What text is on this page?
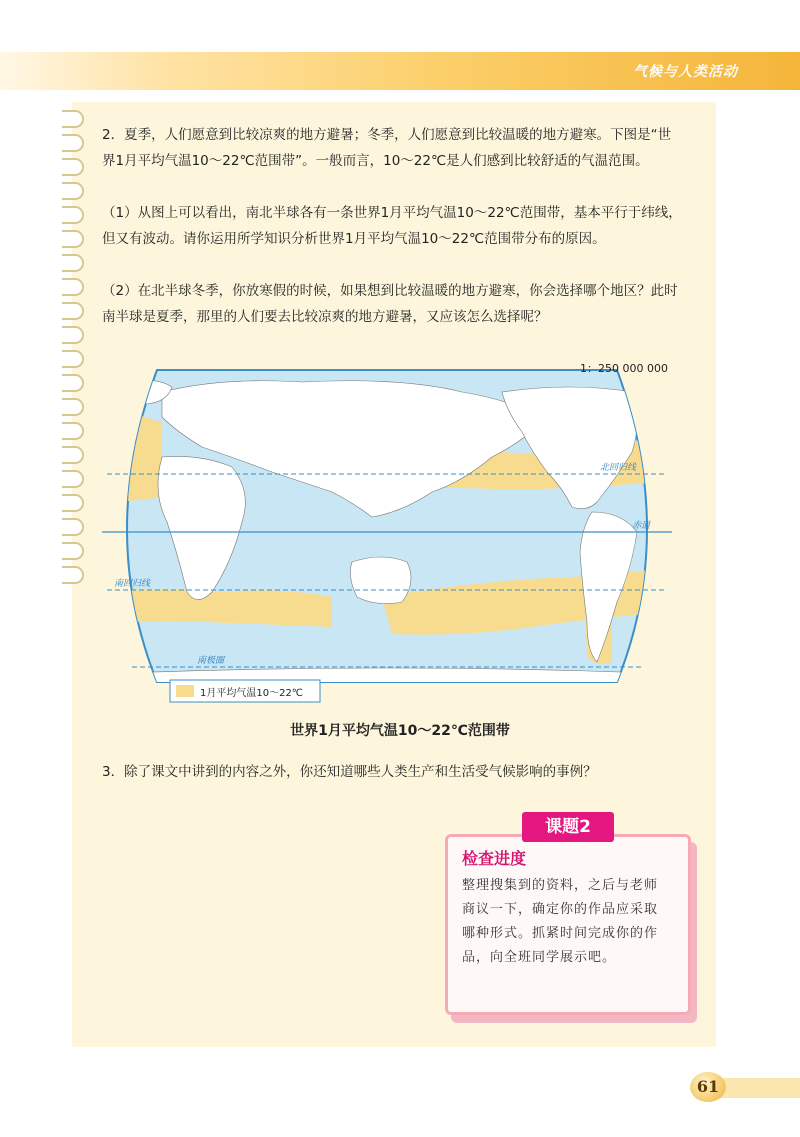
气候与人类活动
2．夏季，人们愿意到比较凉爽的地方避暑；冬季，人们愿意到比较温暖的地方避寒。下图是“世界1月平均气温10～22℃范围带”。一般而言，10～22℃是人们感到比较舒适的气温范围。
（1）从图上可以看出，南北半球各有一条世界1月平均气温10～22℃范围带，基本平行于纬线，但又有波动。请你运用所学知识分析世界1月平均气温10～22℃范围带分布的原因。
（2）在北半球冬季，你放寒假的时候，如果想到比较温暖的地方避寒，你会选择哪个地区？此时南半球是夏季，那里的人们要去比较凉爽的地方避暑，又应该怎么选择呢？
1：250 000 000
北回归线
赤道
南回归线
南极圈
1月平均气温10～22℃
世界1月平均气温10～22℃范围带
3．除了课文中讲到的内容之外，你还知道哪些人类生产和生活受气候影响的事例？
课题2
检查进度
整理搜集到的资料，之后与老师商议一下，确定你的作品应采取哪种形式。抓紧时间完成你的作品，向全班同学展示吧。
61
